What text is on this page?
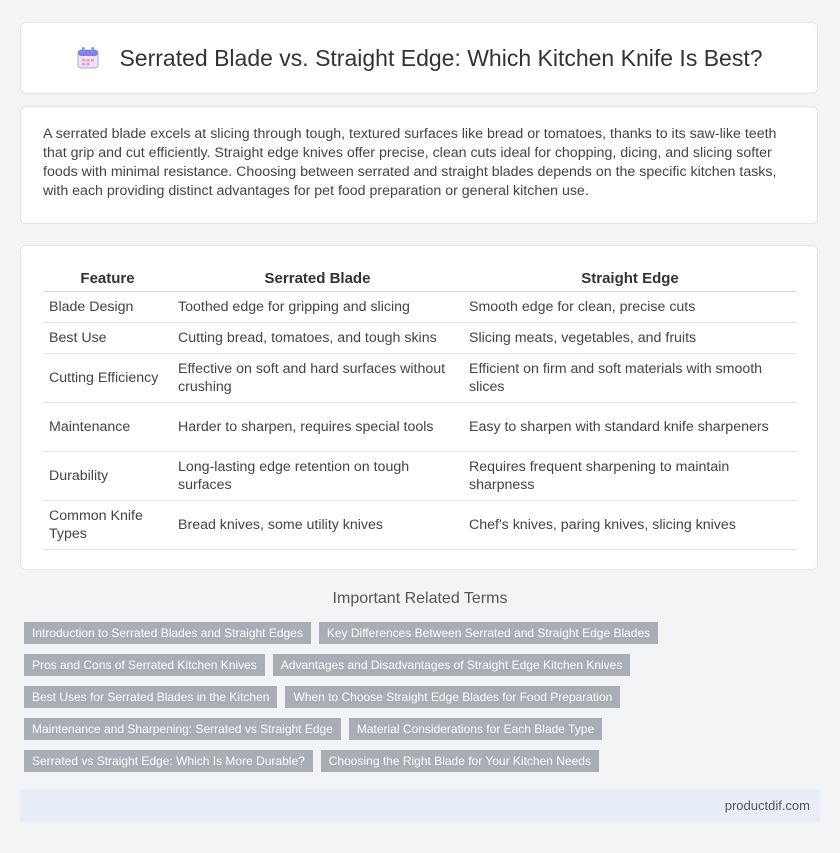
Serrated Blade vs. Straight Edge: Which Kitchen Knife Is Best?

A serrated blade excels at slicing through tough, textured surfaces like bread or tomatoes, thanks to its saw-like teeth that grip and cut efficiently. Straight edge knives offer precise, clean cuts ideal for chopping, dicing, and slicing softer foods with minimal resistance. Choosing between serrated and straight blades depends on the specific kitchen tasks, with each providing distinct advantages for pet food preparation or general kitchen use.

Feature	Serrated Blade	Straight Edge
Blade Design	Toothed edge for gripping and slicing	Smooth edge for clean, precise cuts
Best Use	Cutting bread, tomatoes, and tough skins	Slicing meats, vegetables, and fruits
Cutting Efficiency	Effective on soft and hard surfaces without crushing	Efficient on firm and soft materials with smooth slices
Maintenance	Harder to sharpen, requires special tools	Easy to sharpen with standard knife sharpeners
Durability	Long-lasting edge retention on tough surfaces	Requires frequent sharpening to maintain sharpness
Common Knife Types	Bread knives, some utility knives	Chef's knives, paring knives, slicing knives
Important Related Terms
Introduction to Serrated Blades and Straight Edges	Key Differences Between Serrated and Straight Edge Blades
Pros and Cons of Serrated Kitchen Knives	Advantages and Disadvantages of Straight Edge Kitchen Knives
Best Uses for Serrated Blades in the Kitchen	When to Choose Straight Edge Blades for Food Preparation
Maintenance and Sharpening: Serrated vs Straight Edge	Material Considerations for Each Blade Type
Serrated vs Straight Edge: Which Is More Durable?	Choosing the Right Blade for Your Kitchen Needs
productdif.com
